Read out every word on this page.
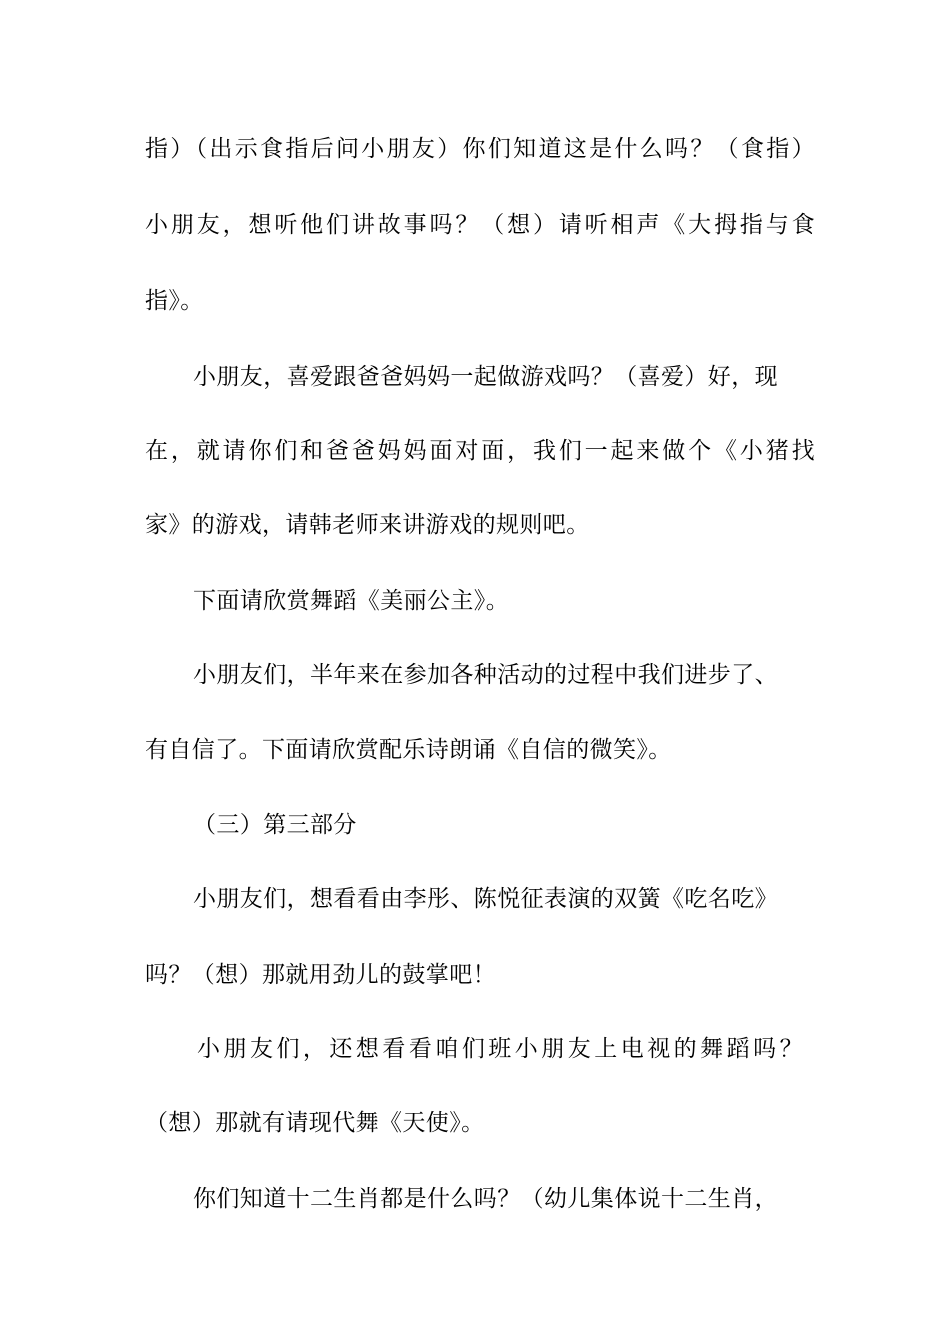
指）（出示食指后问小朋友）你们知道这是什么吗？（食指）
小朋友，想听他们讲故事吗？（想）请听相声《大拇指与食
指》。
小朋友，喜爱跟爸爸妈妈一起做游戏吗？（喜爱）好，现
在，就请你们和爸爸妈妈面对面，我们一起来做个《小猪找
家》的游戏，请韩老师来讲游戏的规则吧。
下面请欣赏舞蹈《美丽公主》。
小朋友们，半年来在参加各种活动的过程中我们进步了、
有自信了。下面请欣赏配乐诗朗诵《自信的微笑》。
（三）第三部分
小朋友们，想看看由李彤、陈悦征表演的双簧《吃名吃》
吗？（想）那就用劲儿的鼓掌吧！
小朋友们，还想看看咱们班小朋友上电视的舞蹈吗？
（想）那就有请现代舞《天使》。
你们知道十二生肖都是什么吗？（幼儿集体说十二生肖，
